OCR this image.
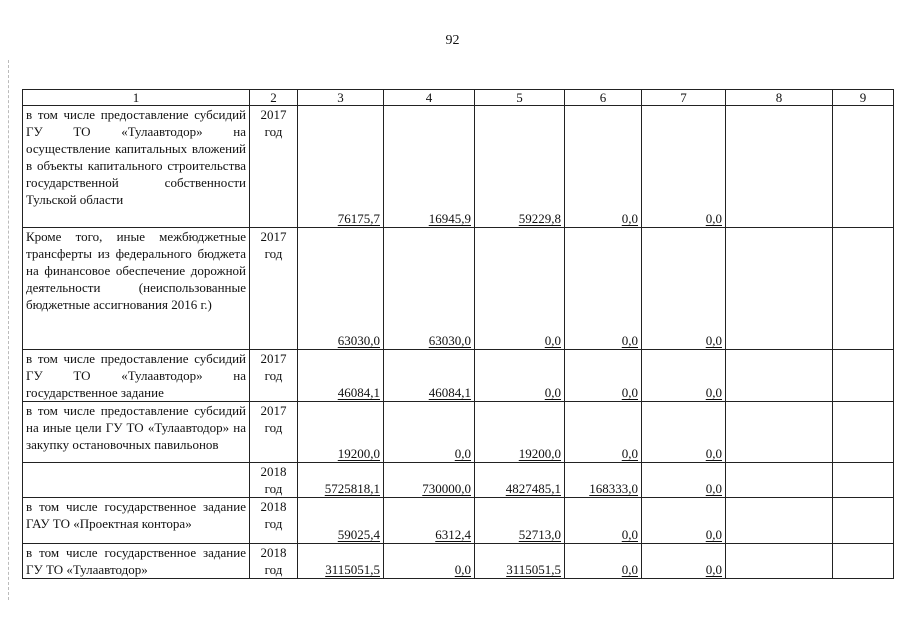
92
1	2	3	4	5	6	7	8	9
в том числе предоставление субсидий ГУ ТО «Тулаавтодор» на осуществление капитальных вложений в объекты капитального строительства государственной собственности Тульской области	2017 год	76175,7	16945,9	59229,8	0,0	0,0		
Кроме того, иные межбюджетные трансферты из федерального бюджета на финансовое обеспечение дорожной деятельности (неиспользованные бюджетные ассигнования 2016 г.)	2017 год	63030,0	63030,0	0,0	0,0	0,0		
в том числе предоставление субсидий ГУ ТО «Тулаавтодор» на государственное задание	2017 год	46084,1	46084,1	0,0	0,0	0,0		
в том числе предоставление субсидий на иные цели ГУ ТО «Тулаавтодор» на закупку остановочных павильонов	2017 год	19200,0	0,0	19200,0	0,0	0,0		
	2018 год	5725818,1	730000,0	4827485,1	168333,0	0,0		
в том числе государственное задание ГАУ ТО «Проектная контора»	2018 год	59025,4	6312,4	52713,0	0,0	0,0		
в том числе государственное задание ГУ ТО «Тулаавтодор»	2018 год	3115051,5	0,0	3115051,5	0,0	0,0		
